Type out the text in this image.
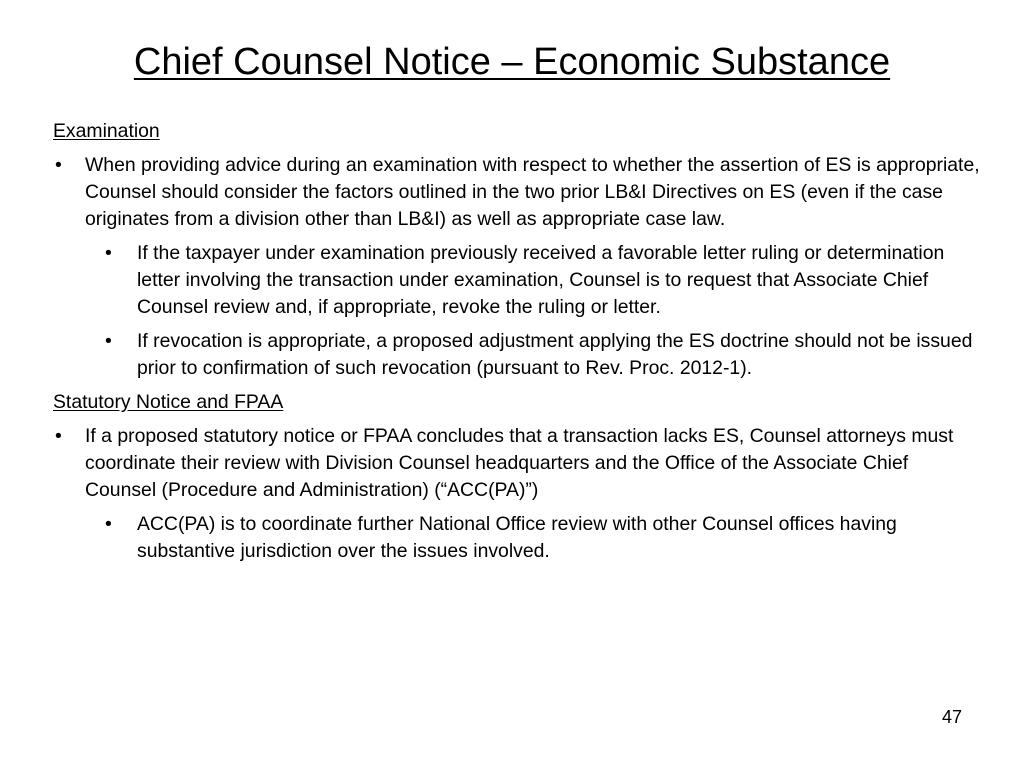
Chief Counsel Notice – Economic Substance
Examination
• When providing advice during an examination with respect to whether the assertion of ES is appropriate, Counsel should consider the factors outlined in the two prior LB&I Directives on ES (even if the case originates from a division other than LB&I) as well as appropriate case law.
• If the taxpayer under examination previously received a favorable letter ruling or determination letter involving the transaction under examination, Counsel is to request that Associate Chief Counsel review and, if appropriate, revoke the ruling or letter.
• If revocation is appropriate, a proposed adjustment applying the ES doctrine should not be issued prior to confirmation of such revocation (pursuant to Rev. Proc. 2012-1).
Statutory Notice and FPAA
• If a proposed statutory notice or FPAA concludes that a transaction lacks ES, Counsel attorneys must coordinate their review with Division Counsel headquarters and the Office of the Associate Chief Counsel (Procedure and Administration) (“ACC(PA)”)
• ACC(PA) is to coordinate further National Office review with other Counsel offices having substantive jurisdiction over the issues involved.
47
